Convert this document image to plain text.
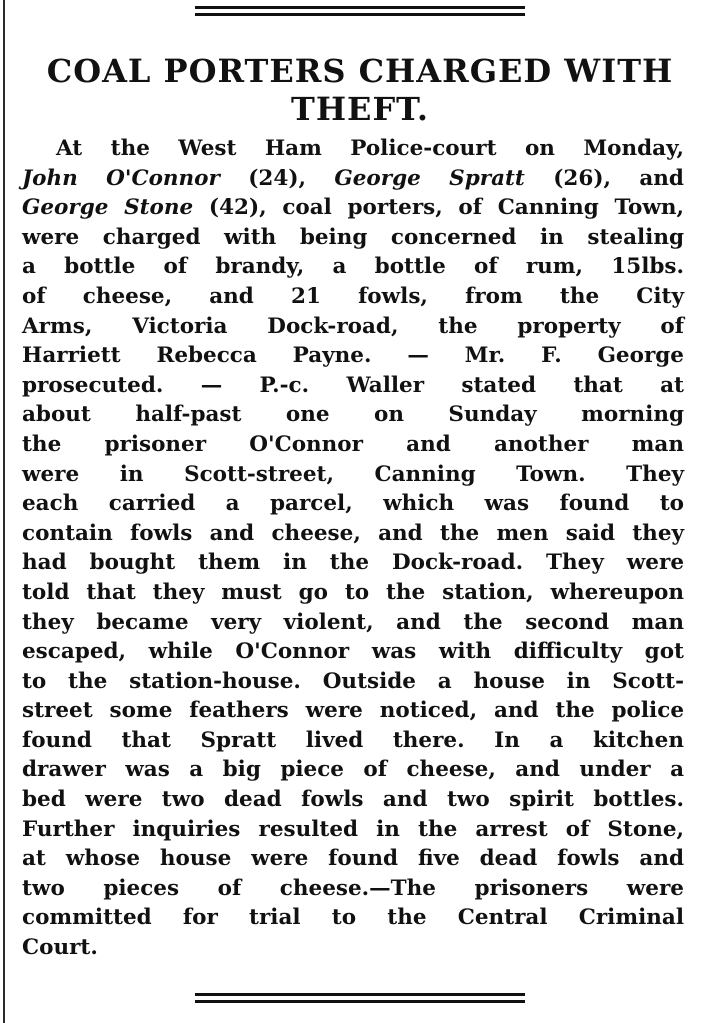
COAL PORTERS CHARGED WITH
THEFT.
At the West Ham Police-court on Monday,
John O'Connor (24), George Spratt (26), and
George Stone (42), coal porters, of Canning Town,
were charged with being concerned in stealing
a bottle of brandy, a bottle of rum, 15lbs.
of cheese, and 21 fowls, from the City
Arms, Victoria Dock-road, the property of
Harriett Rebecca Payne. — Mr. F. George
prosecuted. — P.-c. Waller stated that at
about half-past one on Sunday morning
the prisoner O'Connor and another man
were in Scott-street, Canning Town. They
each carried a parcel, which was found to
contain fowls and cheese, and the men said they
had bought them in the Dock-road. They were
told that they must go to the station, whereupon
they became very violent, and the second man
escaped, while O'Connor was with difficulty got
to the station-house. Outside a house in Scott-
street some feathers were noticed, and the police
found that Spratt lived there. In a kitchen
drawer was a big piece of cheese, and under a
bed were two dead fowls and two spirit bottles.
Further inquiries resulted in the arrest of Stone,
at whose house were found five dead fowls and
two pieces of cheese.—The prisoners were
committed for trial to the Central Criminal
Court.
